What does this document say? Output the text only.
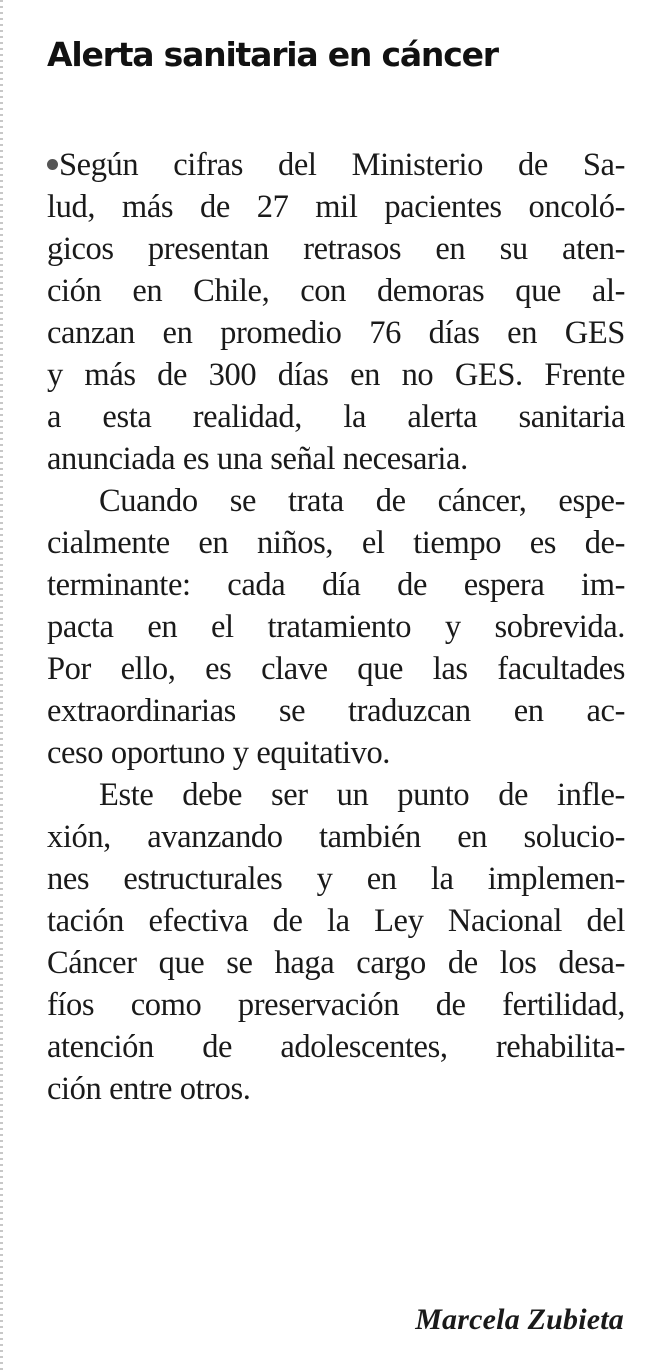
Alerta sanitaria en cáncer

Según cifras del Ministerio de Sa-
lud, más de 27 mil pacientes oncoló-
gicos presentan retrasos en su aten-
ción en Chile, con demoras que al-
canzan en promedio 76 días en GES
y más de 300 días en no GES. Frente
a esta realidad, la alerta sanitaria
anunciada es una señal necesaria.

Cuando se trata de cáncer, espe-
cialmente en niños, el tiempo es de-
terminante: cada día de espera im-
pacta en el tratamiento y sobrevida.
Por ello, es clave que las facultades
extraordinarias se traduzcan en ac-
ceso oportuno y equitativo.

Este debe ser un punto de infle-
xión, avanzando también en solucio-
nes estructurales y en la implemen-
tación efectiva de la Ley Nacional del
Cáncer que se haga cargo de los desa-
fíos como preservación de fertilidad,
atención de adolescentes, rehabilita-
ción entre otros.

Marcela Zubieta
